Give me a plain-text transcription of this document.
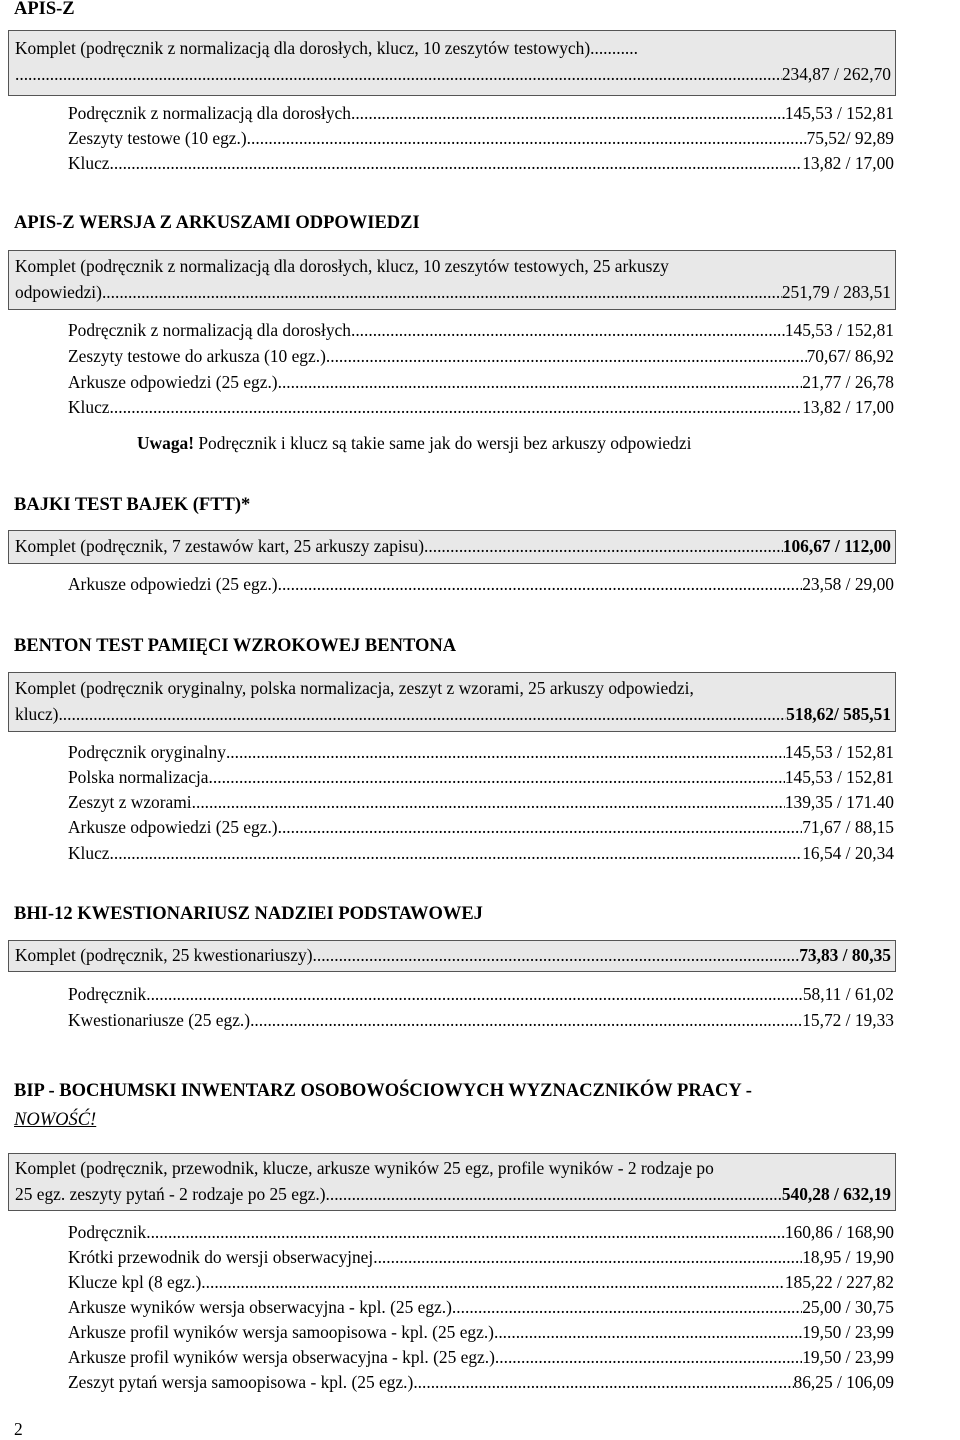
APIS-Z
Komplet (podręcznik z normalizacją dla dorosłych, klucz, 10 zeszytów testowych)...........
........................................................................................................... .....	234,87 / 262,70
Podręcznik z normalizacją dla dorosłych. .....	145,53 / 152,81
Zeszyty testowe (10 egz.) .....	75,52/ 92,89
Klucz .....	13,82 / 17,00
APIS-Z WERSJA Z ARKUSZAMI ODPOWIEDZI
Komplet (podręcznik z normalizacją dla dorosłych, klucz, 10 zeszytów testowych, 25 arkuszy
odpowiedzi) .....	251,79 / 283,51
Podręcznik z normalizacją dla dorosłych. .....	145,53 / 152,81
Zeszyty testowe do arkusza (10 egz.) .....	70,67/ 86,92
Arkusze odpowiedzi (25 egz.) .....	21,77 / 26,78
Klucz .....	13,82 / 17,00
Uwaga! Podręcznik i klucz są takie same jak do wersji bez arkuszy odpowiedzi
BAJKI TEST BAJEK (FTT)*
Komplet (podręcznik, 7 zestawów kart, 25 arkuszy zapisu) .....	106,67 / 112,00
Arkusze odpowiedzi (25 egz.) .....	23,58 / 29,00
BENTON TEST PAMIĘCI WZROKOWEJ BENTONA
Komplet (podręcznik oryginalny, polska normalizacja, zeszyt z wzorami, 25 arkuszy odpowiedzi,
klucz) .....	518,62/ 585,51
Podręcznik oryginalny .....	145,53 / 152,81
Polska normalizacja .....	145,53 / 152,81
Zeszyt z wzorami .....	139,35 / 171.40
Arkusze odpowiedzi (25 egz.) .....	71,67 / 88,15
Klucz .....	16,54 / 20,34
BHI-12 KWESTIONARIUSZ NADZIEI PODSTAWOWEJ
Komplet (podręcznik, 25 kwestionariuszy) .....	73,83 / 80,35
Podręcznik .....	58,11 / 61,02
Kwestionariusze (25 egz.) .....	15,72 / 19,33
BIP - BOCHUMSKI INWENTARZ OSOBOWOŚCIOWYCH WYZNACZNIKÓW PRACY -
NOWOŚĆ!
Komplet (podręcznik, przewodnik, klucze, arkusze wyników 25 egz, profile wyników - 2 rodzaje po
25 egz. zeszyty pytań - 2 rodzaje po 25 egz.) .....	540,28 / 632,19
Podręcznik .....	160,86 / 168,90
Krótki przewodnik do wersji obserwacyjnej .....	18,95 / 19,90
Klucze kpl (8 egz.) .....	185,22 / 227,82
Arkusze wyników wersja obserwacyjna - kpl. (25 egz.) .....	25,00 / 30,75
Arkusze profil wyników wersja samoopisowa - kpl. (25 egz.) .....	19,50 / 23,99
Arkusze profil wyników wersja obserwacyjna - kpl. (25 egz.) .....	19,50 / 23,99
Zeszyt pytań wersja samoopisowa - kpl. (25 egz.) .....	86,25 / 106,09
2
